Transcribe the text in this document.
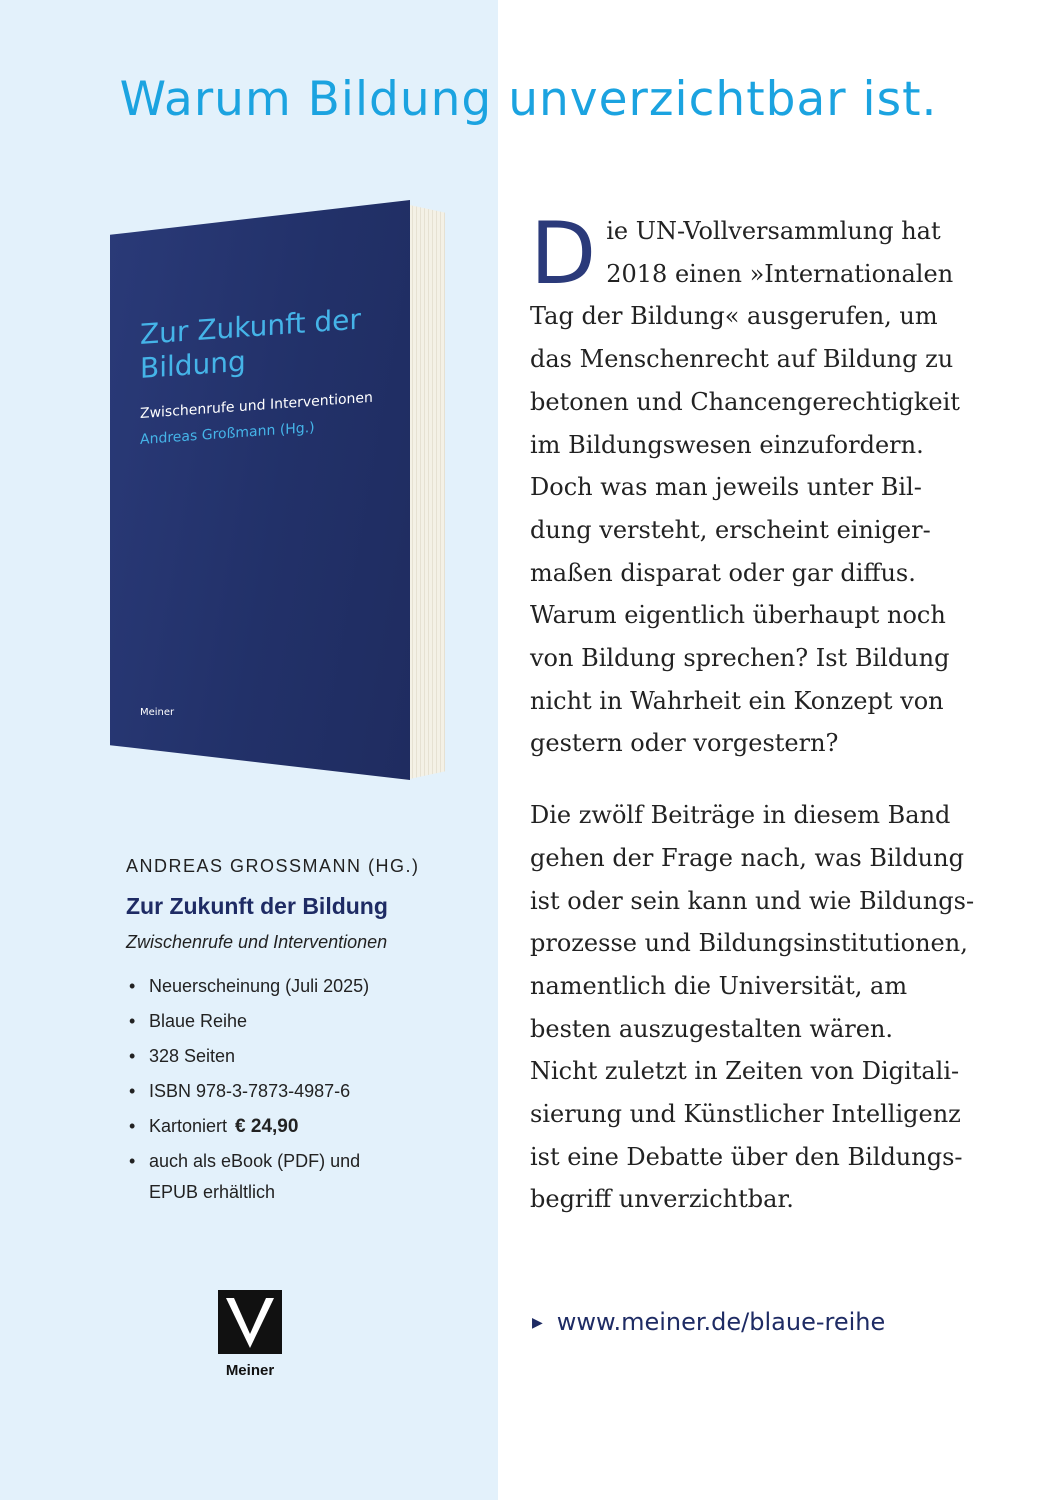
Warum Bildung unverzichtbar ist.
Zur Zukunft der
Bildung
Zwischenrufe und Interventionen
Andreas Großmann (Hg.)
Meiner

ANDREAS GROSSMANN (HG.)

Zur Zukunft der Bildung

Zwischenrufe und Interventionen

• Neuerscheinung (Juli 2025)
• Blaue Reihe
• 328 Seiten
• ISBN 978-3-7873-4987-6
• Kartoniert € 24,90
• auch als eBook (PDF) und
EPUB erhältlich
Meiner
D ie UN-Vollversammlung hat
2018 einen »Internationalen
Tag der Bildung« ausgerufen, um
das Menschenrecht auf Bildung zu
betonen und Chancengerechtigkeit
im Bildungswesen einzufordern.
Doch was man jeweils unter Bil-
dung versteht, erscheint einiger-
maßen disparat oder gar diffus.
Warum eigentlich überhaupt noch
von Bildung sprechen? Ist Bildung
nicht in Wahrheit ein Konzept von
gestern oder vorgestern?
Die zwölf Beiträge in diesem Band
gehen der Frage nach, was Bildung
ist oder sein kann und wie Bildungs-
prozesse und Bildungsinstitutionen,
namentlich die Universität, am
besten auszugestalten wären.
Nicht zuletzt in Zeiten von Digitali-
sierung und Künstlicher Intelligenz
ist eine Debatte über den Bildungs-
begriff unverzichtbar.
▶ www.meiner.de/blaue-reihe
